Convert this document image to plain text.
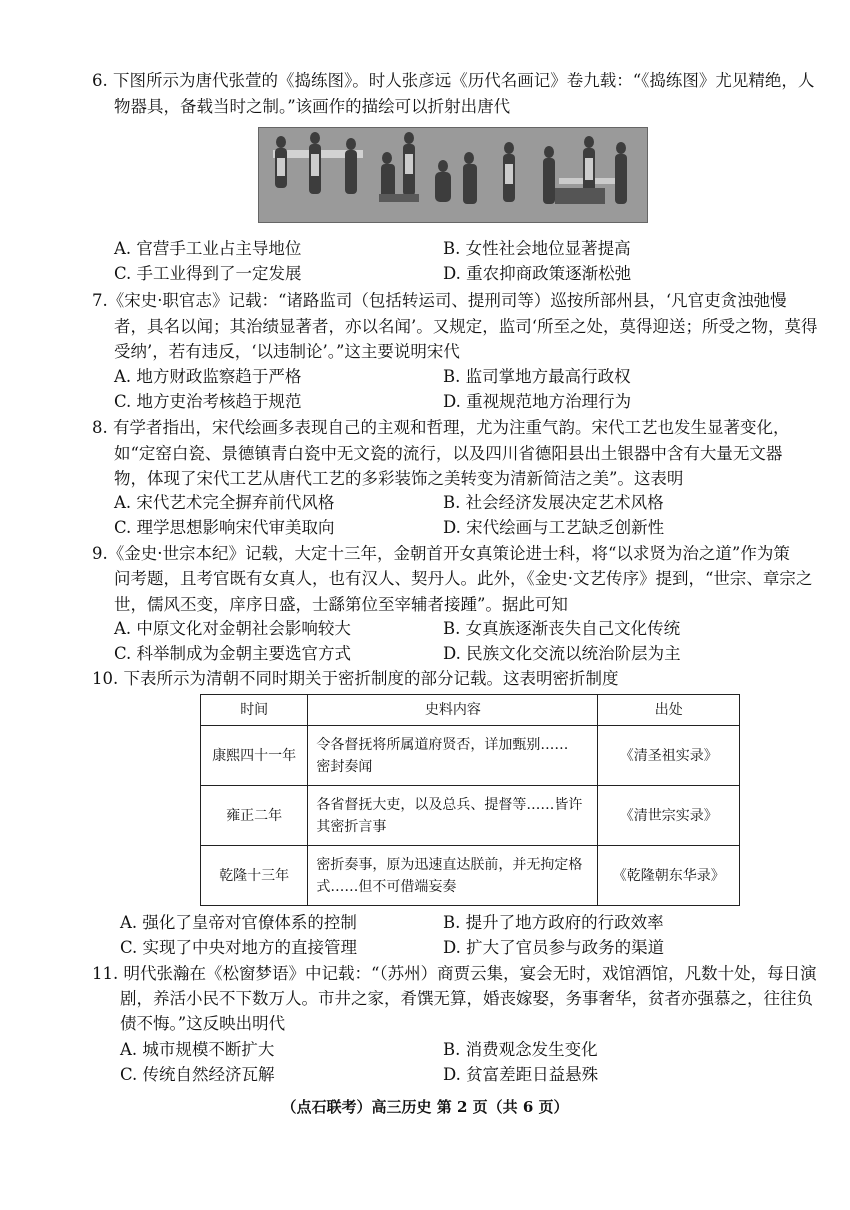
6. 下图所示为唐代张萱的《捣练图》。时人张彦远《历代名画记》卷九载：“《捣练图》尤见精绝，人
物器具，备载当时之制。”该画作的描绘可以折射出唐代
A. 官营手工业占主导地位	B. 女性社会地位显著提高
C. 手工业得到了一定发展	D. 重农抑商政策逐渐松弛
7.《宋史·职官志》记载：“诸路监司（包括转运司、提刑司等）巡按所部州县，‘凡官吏贪浊弛慢
者，具名以闻；其治绩显著者，亦以名闻’。又规定，监司‘所至之处，莫得迎送；所受之物，莫得
受纳’，若有违反，‘以违制论’。”这主要说明宋代
A. 地方财政监察趋于严格	B. 监司掌地方最高行政权
C. 地方吏治考核趋于规范	D. 重视规范地方治理行为
8. 有学者指出，宋代绘画多表现自己的主观和哲理，尤为注重气韵。宋代工艺也发生显著变化，
如“定窑白瓷、景德镇青白瓷中无文瓷的流行，以及四川省德阳县出土银器中含有大量无文器
物，体现了宋代工艺从唐代工艺的多彩装饰之美转变为清新简洁之美”。这表明
A. 宋代艺术完全摒弃前代风格	B. 社会经济发展决定艺术风格
C. 理学思想影响宋代审美取向	D. 宋代绘画与工艺缺乏创新性
9.《金史·世宗本纪》记载，大定十三年，金朝首开女真策论进士科，将“以求贤为治之道”作为策
问考题，且考官既有女真人，也有汉人、契丹人。此外，《金史·文艺传序》提到，“世宗、章宗之
世，儒风丕变，庠序日盛，士繇第位至宰辅者接踵”。据此可知
A. 中原文化对金朝社会影响较大	B. 女真族逐渐丧失自己文化传统
C. 科举制成为金朝主要选官方式	D. 民族文化交流以统治阶层为主
10. 下表所示为清朝不同时期关于密折制度的部分记载。这表明密折制度
时间	史料内容	出处
康熙四十一年	令各督抚将所属道府贤否，详加甄别……
密封奏闻	《清圣祖实录》
雍正二年	各省督抚大吏，以及总兵、提督等……皆许
其密折言事	《清世宗实录》
乾隆十三年	密折奏事，原为迅速直达朕前，并无拘定格
式……但不可借端妄奏	《乾隆朝东华录》
A. 强化了皇帝对官僚体系的控制	B. 提升了地方政府的行政效率
C. 实现了中央对地方的直接管理	D. 扩大了官员参与政务的渠道
11. 明代张瀚在《松窗梦语》中记载：“（苏州）商贾云集，宴会无时，戏馆酒馆，凡数十处，每日演
剧，养活小民不下数万人。市井之家，肴馔无算，婚丧嫁娶，务事奢华，贫者亦强慕之，往往负
债不悔。”这反映出明代
A. 城市规模不断扩大	B. 消费观念发生变化
C. 传统自然经济瓦解	D. 贫富差距日益悬殊
（点石联考）高三历史 第 2 页（共 6 页）
